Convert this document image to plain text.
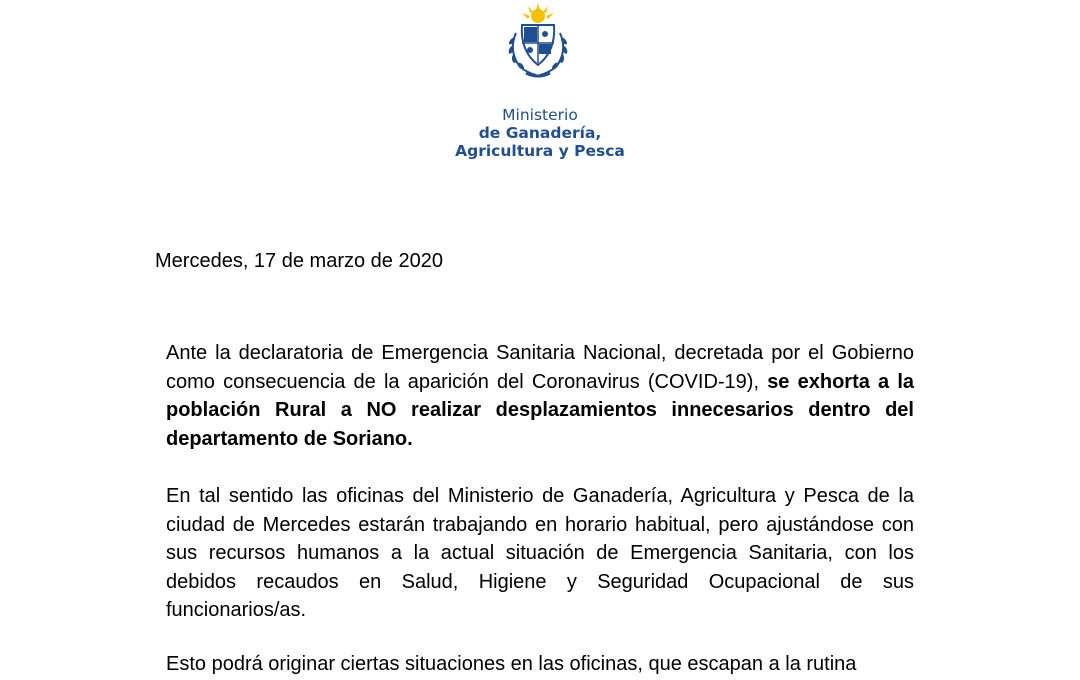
Ministerio
de Ganadería,
Agricultura y Pesca
Mercedes, 17 de marzo de 2020
Ante la declaratoria de Emergencia Sanitaria Nacional, decretada por el Gobierno como consecuencia de la aparición del Coronavirus (COVID-19), se exhorta a la población Rural a NO realizar desplazamientos innecesarios dentro del departamento de Soriano.
En tal sentido las oficinas del Ministerio de Ganadería, Agricultura y Pesca de la ciudad de Mercedes estarán trabajando en horario habitual, pero ajustándose con sus recursos humanos a la actual situación de Emergencia Sanitaria, con los debidos recaudos en Salud, Higiene y Seguridad Ocupacional de sus funcionarios/as.
Esto podrá originar ciertas situaciones en las oficinas, que escapan a la rutina
